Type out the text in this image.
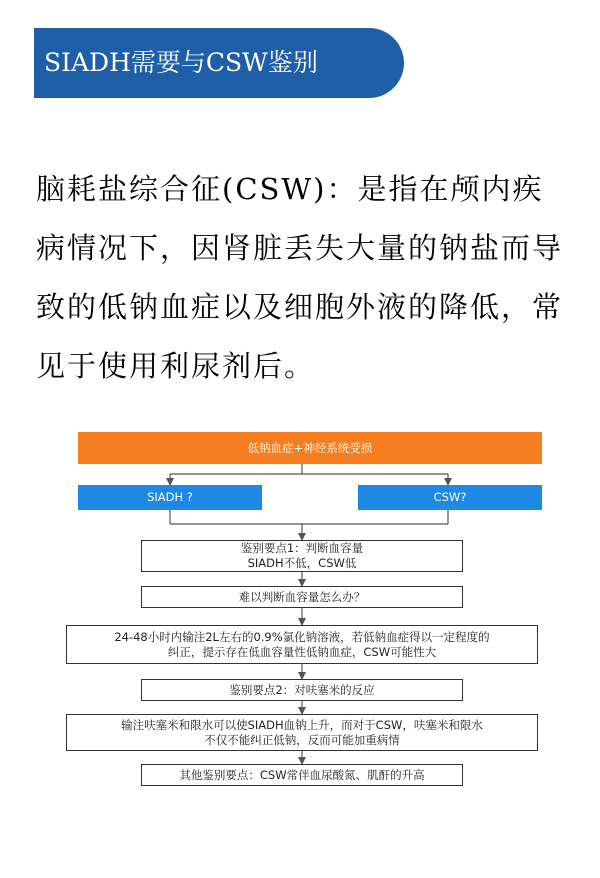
SIADH需要与CSW鉴别
脑耗盐综合征(CSW)：是指在颅内疾病情况下，因肾脏丢失大量的钠盐而导致的低钠血症以及细胞外液的降低，常见于使用利尿剂后。
低钠血症+神经系统受损
SIADH ?	CSW?
鉴别要点1：判断血容量
SIADH不低，CSW低
难以判断血容量怎么办？
24-48小时内输注2L左右的0.9%氯化钠溶液，若低钠血症得以一定程度的
纠正，提示存在低血容量性低钠血症，CSW可能性大
鉴别要点2：对呋塞米的反应
输注呋塞米和限水可以使SIADH血钠上升，而对于CSW，呋塞米和限水
不仅不能纠正低钠，反而可能加重病情
其他鉴别要点：CSW常伴血尿酸氮、肌酐的升高
